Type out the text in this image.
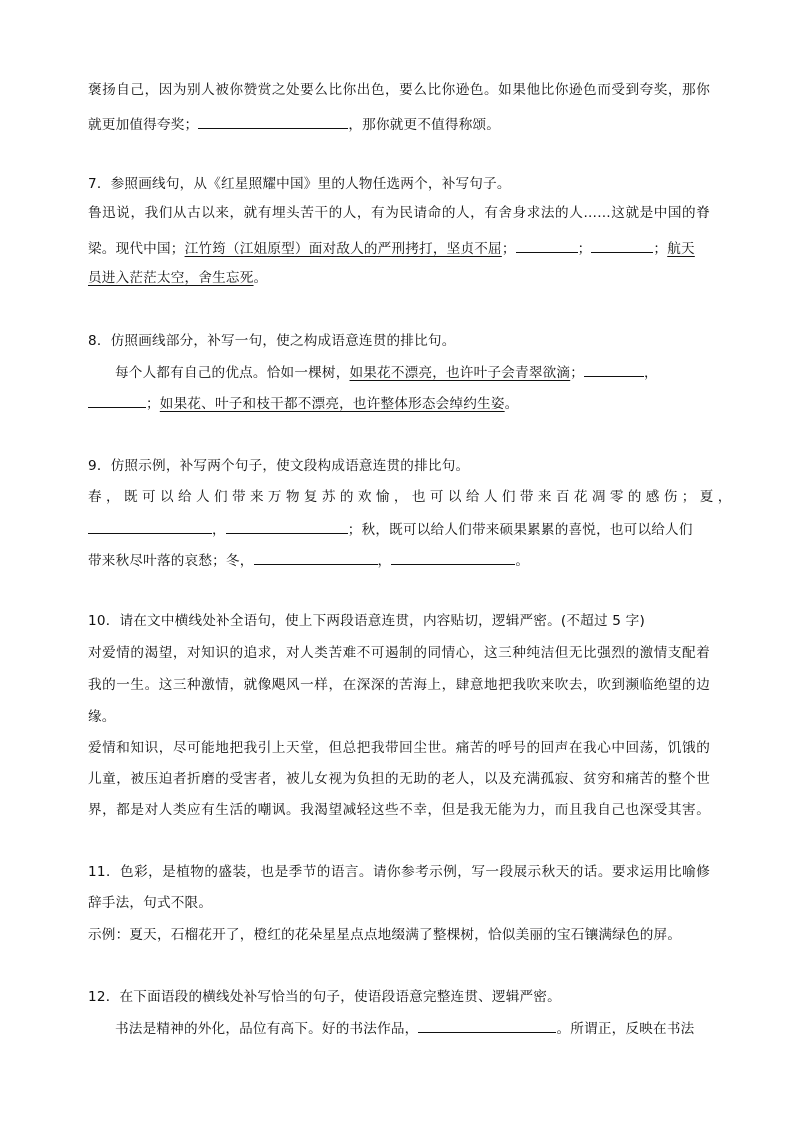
褒扬自己，因为别人被你赞赏之处要么比你出色，要么比你逊色。如果他比你逊色而受到夸奖，那你
就更加值得夸奖；	，那你就更不值得称颂。
7．参照画线句，从《红星照耀中国》里的人物任选两个，补写句子。
鲁迅说，我们从古以来，就有埋头苦干的人，有为民请命的人，有舍身求法的人……这就是中国的脊
梁。现代中国；江竹筠（江姐原型）面对敌人的严刑拷打，坚贞不屈；	；	；航天
员进入茫茫太空，舍生忘死。
8．仿照画线部分，补写一句，使之构成语意连贯的排比句。
每个人都有自己的优点。恰如一棵树，如果花不漂亮，也许叶子会青翠欲滴；	，
；如果花、叶子和枝干都不漂亮，也许整体形态会绰约生姿。
9．仿照示例，补写两个句子，使文段构成语意连贯的排比句。
春，既可以给人们带来万物复苏的欢愉，也可以给人们带来百花凋零的感伤；夏，
，	；秋，既可以给人们带来硕果累累的喜悦，也可以给人们
带来秋尽叶落的哀愁；冬，	，	。
10．请在文中横线处补全语句，使上下两段语意连贯，内容贴切，逻辑严密。(不超过 5 字)
对爱情的渴望，对知识的追求，对人类苦难不可遏制的同情心，这三种纯洁但无比强烈的激情支配着
我的一生。这三种激情，就像飓风一样，在深深的苦海上，肆意地把我吹来吹去，吹到濒临绝望的边
缘。
爱情和知识，尽可能地把我引上天堂，但总把我带回尘世。痛苦的呼号的回声在我心中回荡，饥饿的
儿童，被压迫者折磨的受害者，被儿女视为负担的无助的老人，以及充满孤寂、贫穷和痛苦的整个世
界，都是对人类应有生活的嘲讽。我渴望减轻这些不幸，但是我无能为力，而且我自己也深受其害。
11．色彩，是植物的盛装，也是季节的语言。请你参考示例，写一段展示秋天的话。要求运用比喻修
辞手法，句式不限。
示例：夏天，石榴花开了，橙红的花朵星星点点地缀满了整棵树，恰似美丽的宝石镶满绿色的屏。
12．在下面语段的横线处补写恰当的句子，使语段语意完整连贯、逻辑严密。
书法是精神的外化，品位有高下。好的书法作品，	。所谓正，反映在书法
